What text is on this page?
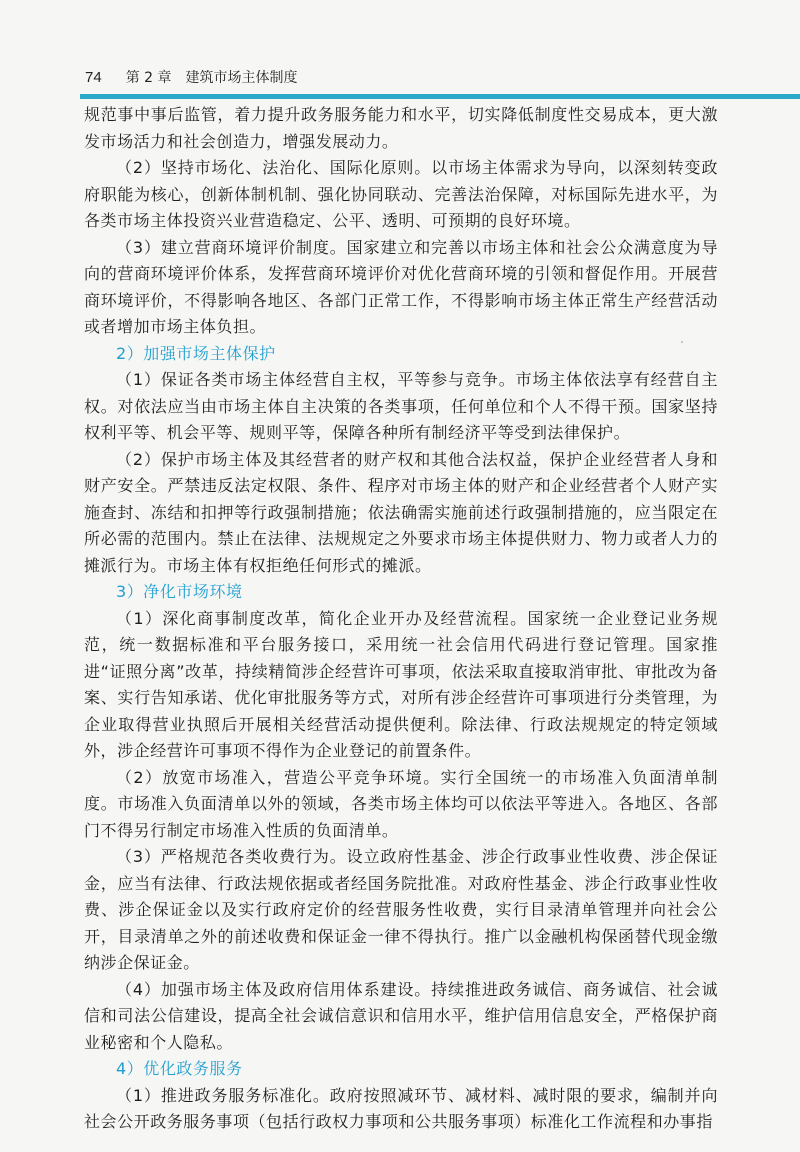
74 第 2 章 建筑市场主体制度

规范事中事后监管，着力提升政务服务能力和水平，切实降低制度性交易成本，更大激发市场活力和社会创造力，增强发展动力。

（2）坚持市场化、法治化、国际化原则。以市场主体需求为导向，以深刻转变政府职能为核心，创新体制机制、强化协同联动、完善法治保障，对标国际先进水平，为各类市场主体投资兴业营造稳定、公平、透明、可预期的良好环境。

（3）建立营商环境评价制度。国家建立和完善以市场主体和社会公众满意度为导向的营商环境评价体系，发挥营商环境评价对优化营商环境的引领和督促作用。开展营商环境评价，不得影响各地区、各部门正常工作，不得影响市场主体正常生产经营活动或者增加市场主体负担。

2）加强市场主体保护

（1）保证各类市场主体经营自主权，平等参与竞争。市场主体依法享有经营自主权。对依法应当由市场主体自主决策的各类事项，任何单位和个人不得干预。国家坚持权利平等、机会平等、规则平等，保障各种所有制经济平等受到法律保护。

（2）保护市场主体及其经营者的财产权和其他合法权益，保护企业经营者人身和财产安全。严禁违反法定权限、条件、程序对市场主体的财产和企业经营者个人财产实施查封、冻结和扣押等行政强制措施；依法确需实施前述行政强制措施的，应当限定在所必需的范围内。禁止在法律、法规规定之外要求市场主体提供财力、物力或者人力的摊派行为。市场主体有权拒绝任何形式的摊派。

3）净化市场环境

（1）深化商事制度改革，简化企业开办及经营流程。国家统一企业登记业务规范，统一数据标准和平台服务接口，采用统一社会信用代码进行登记管理。国家推进“证照分离”改革，持续精简涉企经营许可事项，依法采取直接取消审批、审批改为备案、实行告知承诺、优化审批服务等方式，对所有涉企经营许可事项进行分类管理，为企业取得营业执照后开展相关经营活动提供便利。除法律、行政法规规定的特定领域外，涉企经营许可事项不得作为企业登记的前置条件。

（2）放宽市场准入，营造公平竞争环境。实行全国统一的市场准入负面清单制度。市场准入负面清单以外的领域，各类市场主体均可以依法平等进入。各地区、各部门不得另行制定市场准入性质的负面清单。

（3）严格规范各类收费行为。设立政府性基金、涉企行政事业性收费、涉企保证金，应当有法律、行政法规依据或者经国务院批准。对政府性基金、涉企行政事业性收费、涉企保证金以及实行政府定价的经营服务性收费，实行目录清单管理并向社会公开，目录清单之外的前述收费和保证金一律不得执行。推广以金融机构保函替代现金缴纳涉企保证金。

（4）加强市场主体及政府信用体系建设。持续推进政务诚信、商务诚信、社会诚信和司法公信建设，提高全社会诚信意识和信用水平，维护信用信息安全，严格保护商业秘密和个人隐私。

4）优化政务服务

（1）推进政务服务标准化。政府按照减环节、减材料、减时限的要求，编制并向社会公开政务服务事项（包括行政权力事项和公共服务事项）标准化工作流程和办事指
